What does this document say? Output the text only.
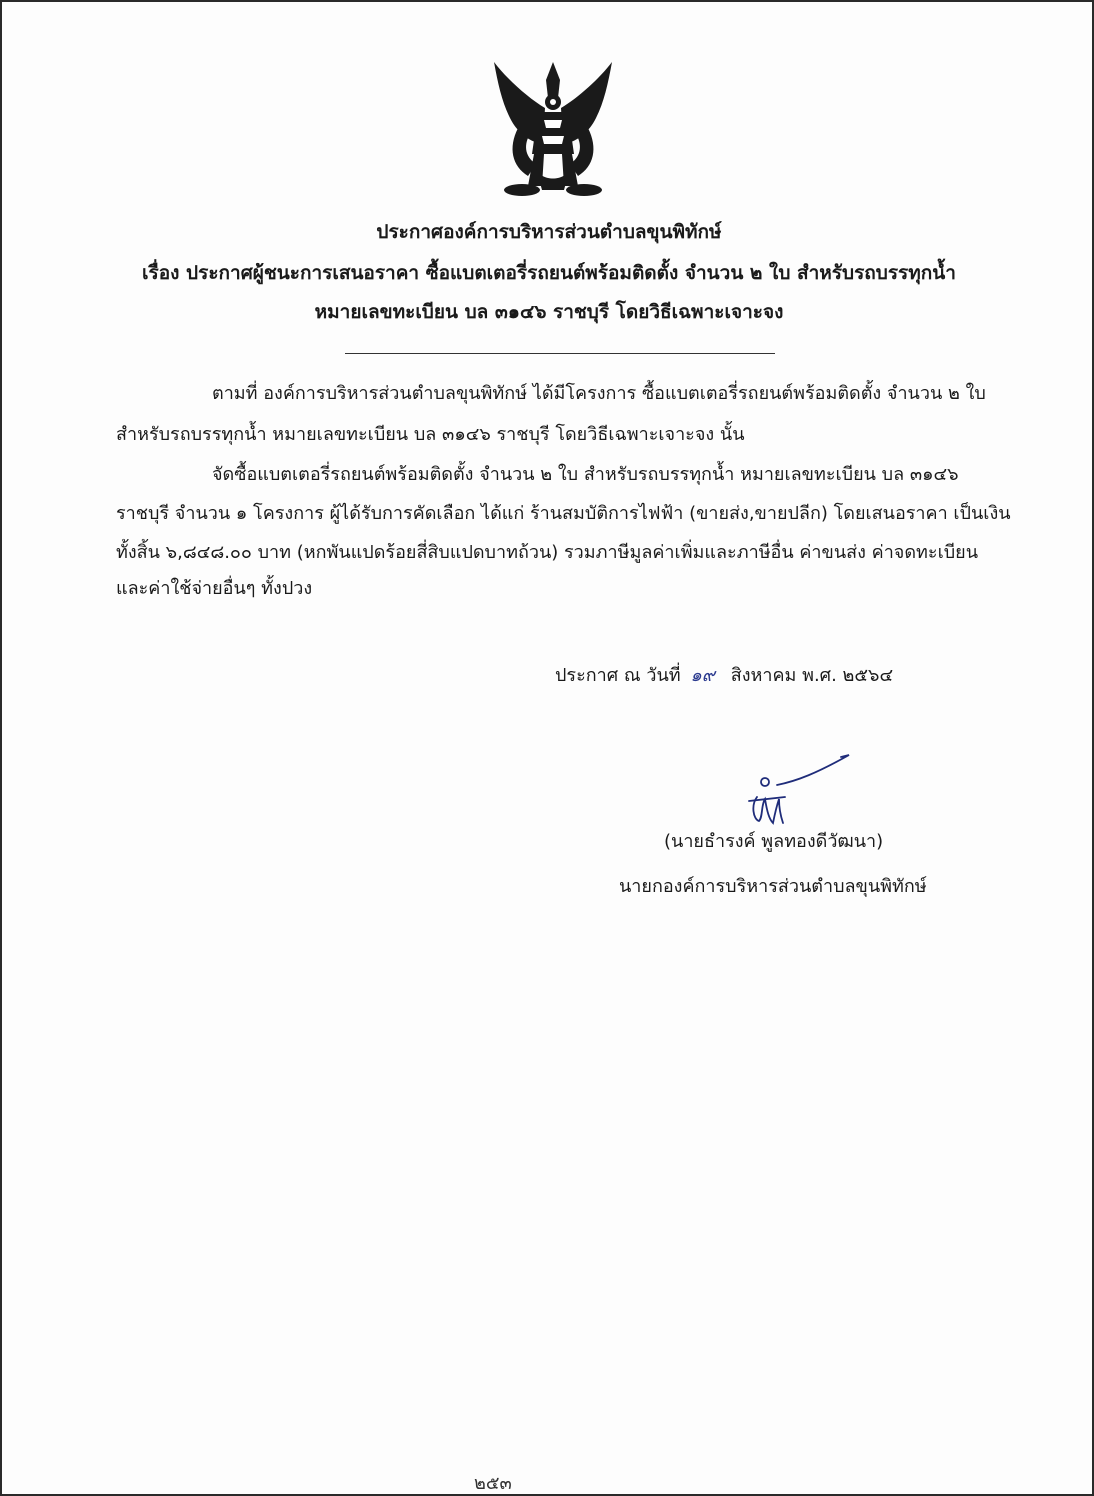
ประกาศองค์การบริหารส่วนตำบลขุนพิทักษ์
เรื่อง ประกาศผู้ชนะการเสนอราคา ซื้อแบตเตอรี่รถยนต์พร้อมติดตั้ง จำนวน ๒ ใบ สำหรับรถบรรทุกน้ำ
หมายเลขทะเบียน บล ๓๑๔๖ ราชบุรี โดยวิธีเฉพาะเจาะจง
ตามที่ องค์การบริหารส่วนตำบลขุนพิทักษ์ ได้มีโครงการ ซื้อแบตเตอรี่รถยนต์พร้อมติดตั้ง จำนวน ๒ ใบ
สำหรับรถบรรทุกน้ำ หมายเลขทะเบียน บล ๓๑๔๖ ราชบุรี โดยวิธีเฉพาะเจาะจง นั้น
จัดซื้อแบตเตอรี่รถยนต์พร้อมติดตั้ง จำนวน ๒ ใบ สำหรับรถบรรทุกน้ำ หมายเลขทะเบียน บล ๓๑๔๖
ราชบุรี จำนวน ๑ โครงการ ผู้ได้รับการคัดเลือก ได้แก่ ร้านสมบัติการไฟฟ้า (ขายส่ง,ขายปลีก) โดยเสนอราคา เป็นเงิน
ทั้งสิ้น ๖,๘๔๘.๐๐ บาท (หกพันแปดร้อยสี่สิบแปดบาทถ้วน) รวมภาษีมูลค่าเพิ่มและภาษีอื่น ค่าขนส่ง ค่าจดทะเบียน
และค่าใช้จ่ายอื่นๆ ทั้งปวง
ประกาศ ณ วันที่ ๑๙ สิงหาคม พ.ศ. ๒๕๖๔
(นายธำรงค์ พูลทองดีวัฒนา)
นายกองค์การบริหารส่วนตำบลขุนพิทักษ์
๒๕๓
